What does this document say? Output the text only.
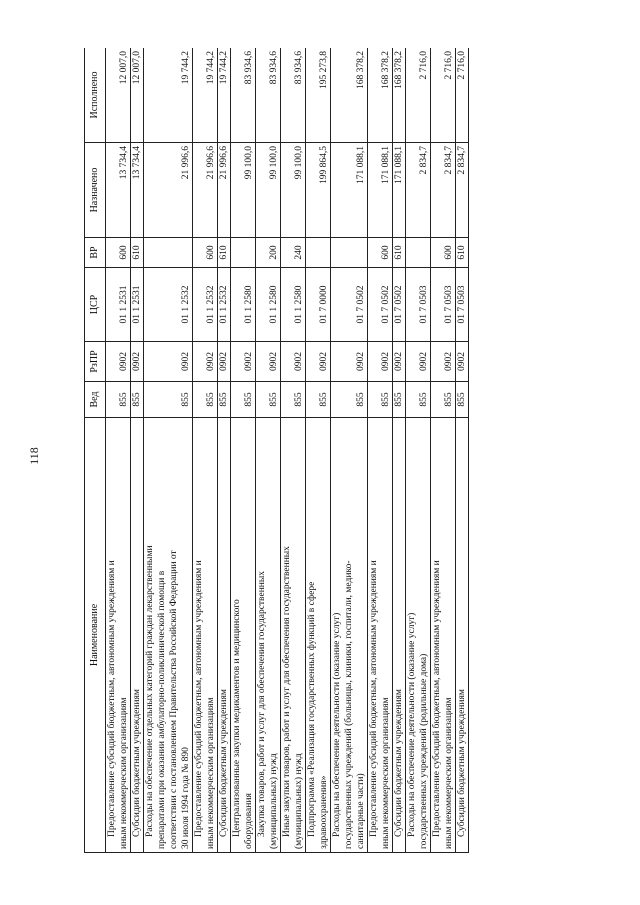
118
Наименование	Вед	РзПР	ЦСР	ВР	Назначено	Исполнено
Предоставление субсидий бюджетным, автономным учреждениям и иным некоммерческим организациям	855	0902	01 1 2531	600	13 734,4	12 007,0
Субсидии бюджетным учреждениям	855	0902	01 1 2531	610	13 734,4	12 007,0
Расходы на обеспечение отдельных категорий граждан лекарственными препаратами при оказании амбулаторно-поликлинической помощи в соответствии с постановлением Правительства Российской Федерации от 30 июля 1994 года № 890	855	0902	01 1 2532		21 996,6	19 744,2
Предоставление субсидий бюджетным, автономным учреждениям и иным некоммерческим организациям	855	0902	01 1 2532	600	21 996,6	19 744,2
Субсидии бюджетным учреждениям	855	0902	01 1 2532	610	21 996,6	19 744,2
Централизованные закупки медикаментов и медицинского оборудования	855	0902	01 1 2580		99 100,0	83 934,6
Закупка товаров, работ и услуг для обеспечения государственных (муниципальных) нужд	855	0902	01 1 2580	200	99 100,0	83 934,6
Иные закупки товаров, работ и услуг для обеспечения государственных (муниципальных) нужд	855	0902	01 1 2580	240	99 100,0	83 934,6
Подпрограмма «Реализация государственных функций в сфере здравоохранения»	855	0902	01 7 0000		199 864,5	195 273,8
Расходы на обеспечение деятельности (оказание услуг) государственных учреждений (больницы, клиники, госпитали, медико- санитарные части)	855	0902	01 7 0502		171 088,1	168 378,2
Предоставление субсидий бюджетным, автономным учреждениям и иным некоммерческим организациям	855	0902	01 7 0502	600	171 088,1	168 378,2
Субсидии бюджетным учреждениям	855	0902	01 7 0502	610	171 088,1	168 378,2
Расходы на обеспечение деятельности (оказание услуг) государственных учреждений (родильные дома)	855	0902	01 7 0503		2 834,7	2 716,0
Предоставление субсидий бюджетным, автономным учреждениям и иным некоммерческим организациям	855	0902	01 7 0503	600	2 834,7	2 716,0
Субсидии бюджетным учреждениям	855	0902	01 7 0503	610	2 834,7	2 716,0
